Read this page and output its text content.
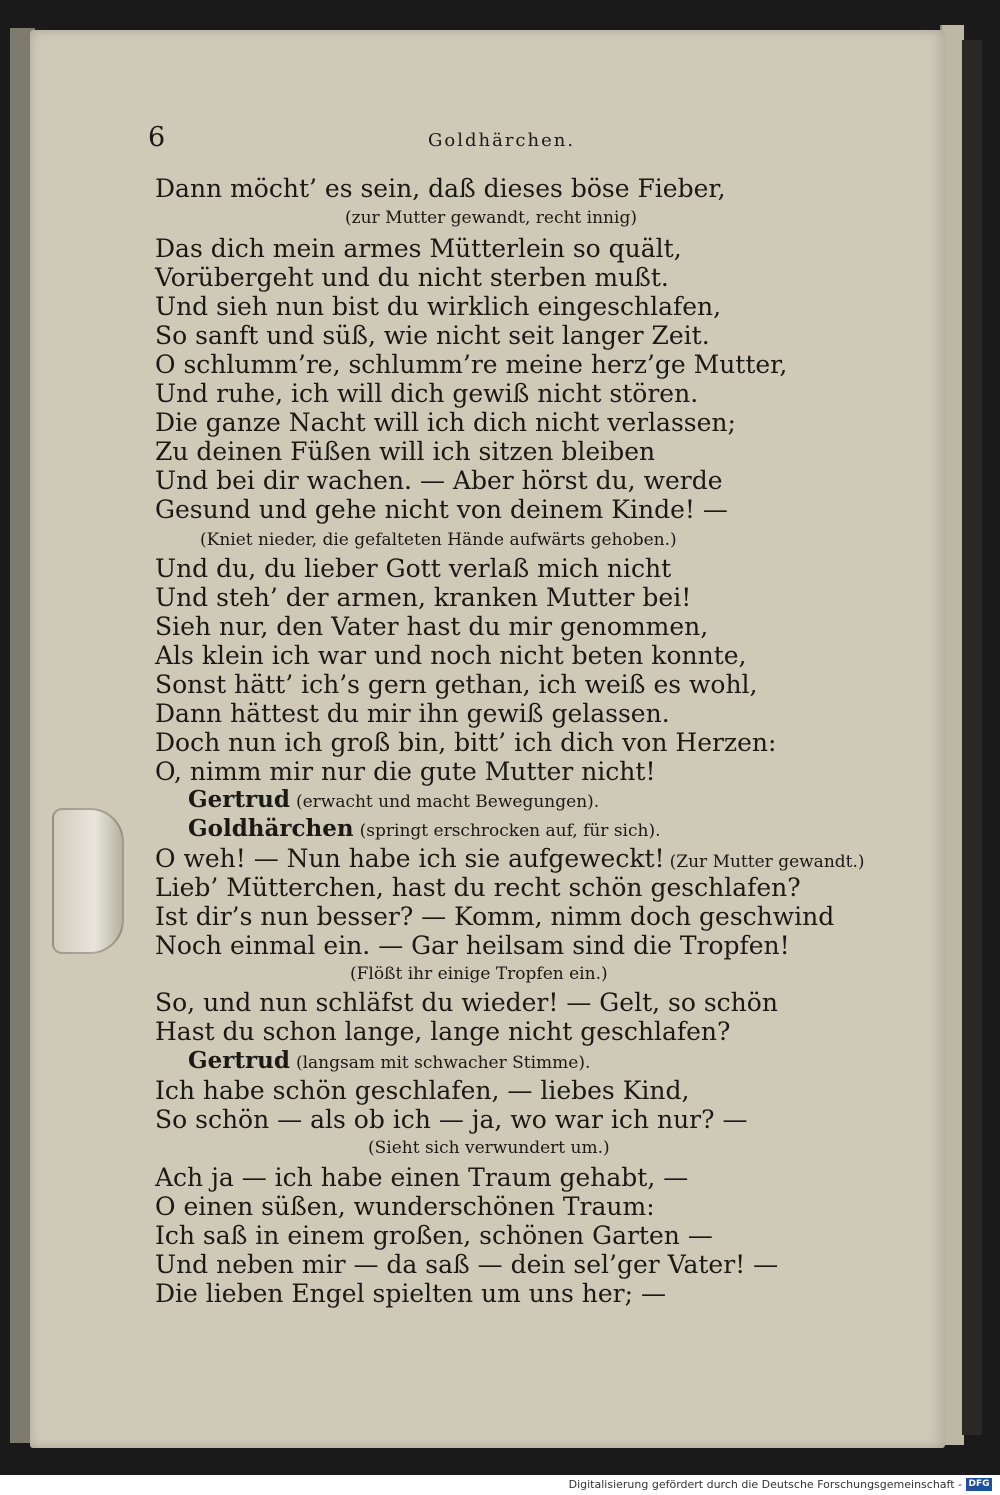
6	Goldhärchen.
Dann möcht’ es sein, daß dieses böse Fieber,
(zur Mutter gewandt, recht innig)
Das dich mein armes Mütterlein so quält,
Vorübergeht und du nicht sterben mußt.
Und sieh nun bist du wirklich eingeschlafen,
So sanft und süß, wie nicht seit langer Zeit.
O schlumm’re, schlumm’re meine herz’ge Mutter,
Und ruhe, ich will dich gewiß nicht stören.
Die ganze Nacht will ich dich nicht verlassen;
Zu deinen Füßen will ich sitzen bleiben
Und bei dir wachen. — Aber hörst du, werde
Gesund und gehe nicht von deinem Kinde! —
(Kniet nieder, die gefalteten Hände aufwärts gehoben.)
Und du, du lieber Gott verlaß mich nicht
Und steh’ der armen, kranken Mutter bei!
Sieh nur, den Vater hast du mir genommen,
Als klein ich war und noch nicht beten konnte,
Sonst hätt’ ich’s gern gethan, ich weiß es wohl,
Dann hättest du mir ihn gewiß gelassen.
Doch nun ich groß bin, bitt’ ich dich von Herzen:
O, nimm mir nur die gute Mutter nicht!
Gertrud (erwacht und macht Bewegungen).
Goldhärchen (springt erschrocken auf, für sich).
O weh! — Nun habe ich sie aufgeweckt! (Zur Mutter gewandt.)
Lieb’ Mütterchen, hast du recht schön geschlafen?
Ist dir’s nun besser? — Komm, nimm doch geschwind
Noch einmal ein. — Gar heilsam sind die Tropfen!
(Flößt ihr einige Tropfen ein.)
So, und nun schläfst du wieder! — Gelt, so schön
Hast du schon lange, lange nicht geschlafen?
Gertrud (langsam mit schwacher Stimme).
Ich habe schön geschlafen, — liebes Kind,
So schön — als ob ich — ja, wo war ich nur? —
(Sieht sich verwundert um.)
Ach ja — ich habe einen Traum gehabt, —
O einen süßen, wunderschönen Traum:
Ich saß in einem großen, schönen Garten —
Und neben mir — da saß — dein sel’ger Vater! —
Die lieben Engel spielten um uns her; —
Digitalisierung gefördert durch die Deutsche Forschungsgemeinschaft - DFG
